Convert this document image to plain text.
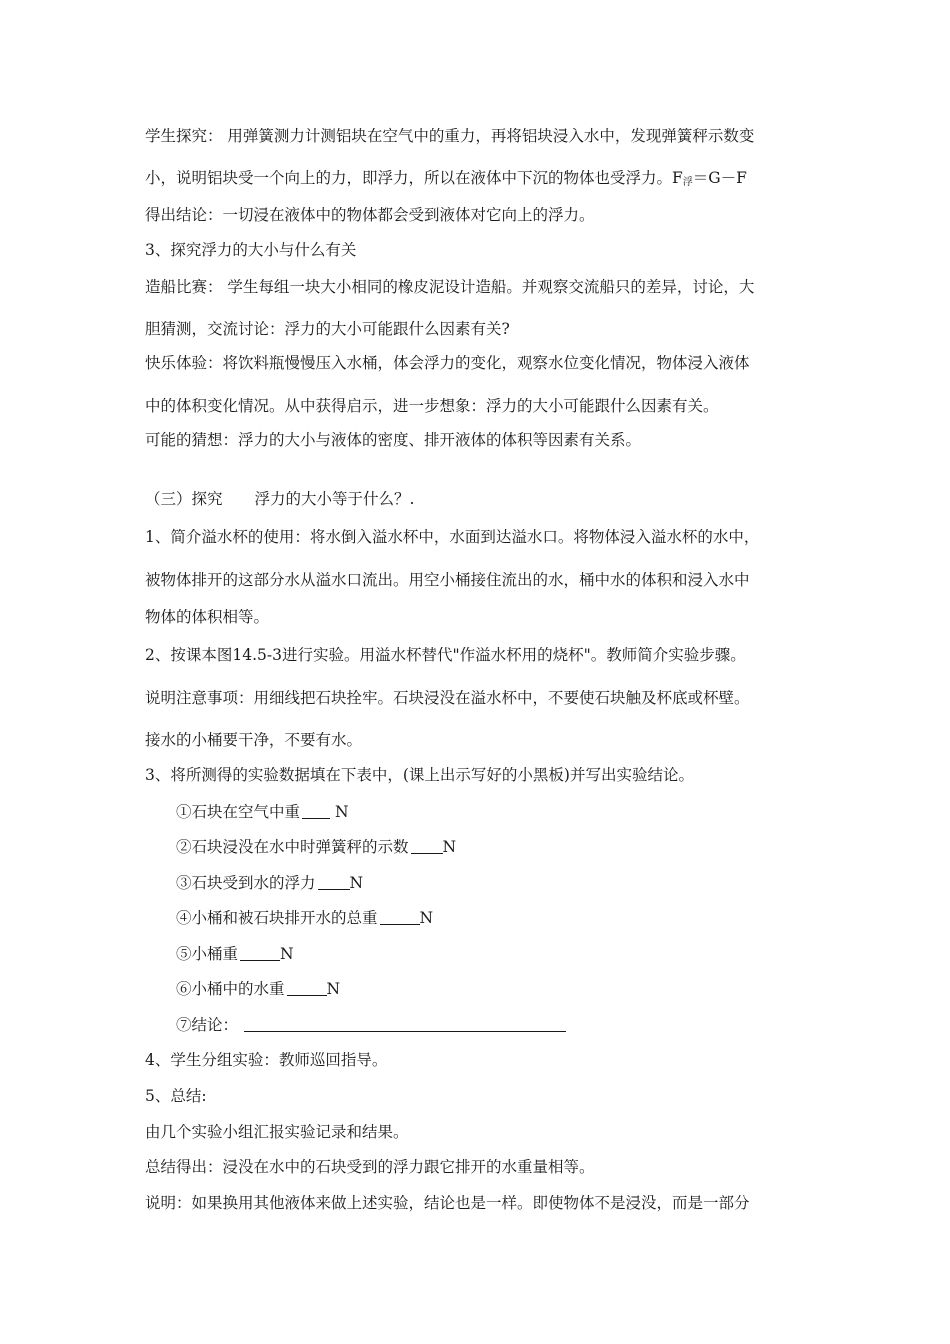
学生探究： 用弹簧测力计测铝块在空气中的重力，再将铝块浸入水中，发现弹簧秤示数变
小，说明铝块受一个向上的力，即浮力，所以在液体中下沉的物体也受浮力。$F_浮=G-F$
得出结论：一切浸在液体中的物体都会受到液体对它向上的浮力。
3、探究浮力的大小与什么有关
造船比赛： 学生每组一块大小相同的橡皮泥设计造船。并观察交流船只的差异，讨论，大
胆猜测，交流讨论：浮力的大小可能跟什么因素有关?
快乐体验：将饮料瓶慢慢压入水桶，体会浮力的变化，观察水位变化情况，物体浸入液体
中的体积变化情况。从中获得启示，进一步想象：浮力的大小可能跟什么因素有关。
可能的猜想：浮力的大小与液体的密度、排开液体的体积等因素有关系。
（三）探究 浮力的大小等于什么？.
1、简介溢水杯的使用：将水倒入溢水杯中，水面到达溢水口。将物体浸入溢水杯的水中，
被物体排开的这部分水从溢水口流出。用空小桶接住流出的水，桶中水的体积和浸入水中
物体的体积相等。
2、按课本图14.5-3进行实验。用溢水杯替代"作溢水杯用的烧杯"。教师简介实验步骤。
说明注意事项：用细线把石块拴牢。石块浸没在溢水杯中，不要使石块触及杯底或杯壁。
接水的小桶要干净，不要有水。
3、将所测得的实验数据填在下表中，(课上出示写好的小黑板)并写出实验结论。
①石块在空气中重 N
②石块浸没在水中时弹簧秤的示数 N
③石块受到水的浮力 N
④小桶和被石块排开水的总重	N
⑤小桶重	N
⑥小桶中的水重	N
⑦结论：
4、学生分组实验：教师巡回指导。
5、总结:
由几个实验小组汇报实验记录和结果。
总结得出：浸没在水中的石块受到的浮力跟它排开的水重量相等。
说明：如果换用其他液体来做上述实验，结论也是一样。即使物体不是浸没，而是一部分
